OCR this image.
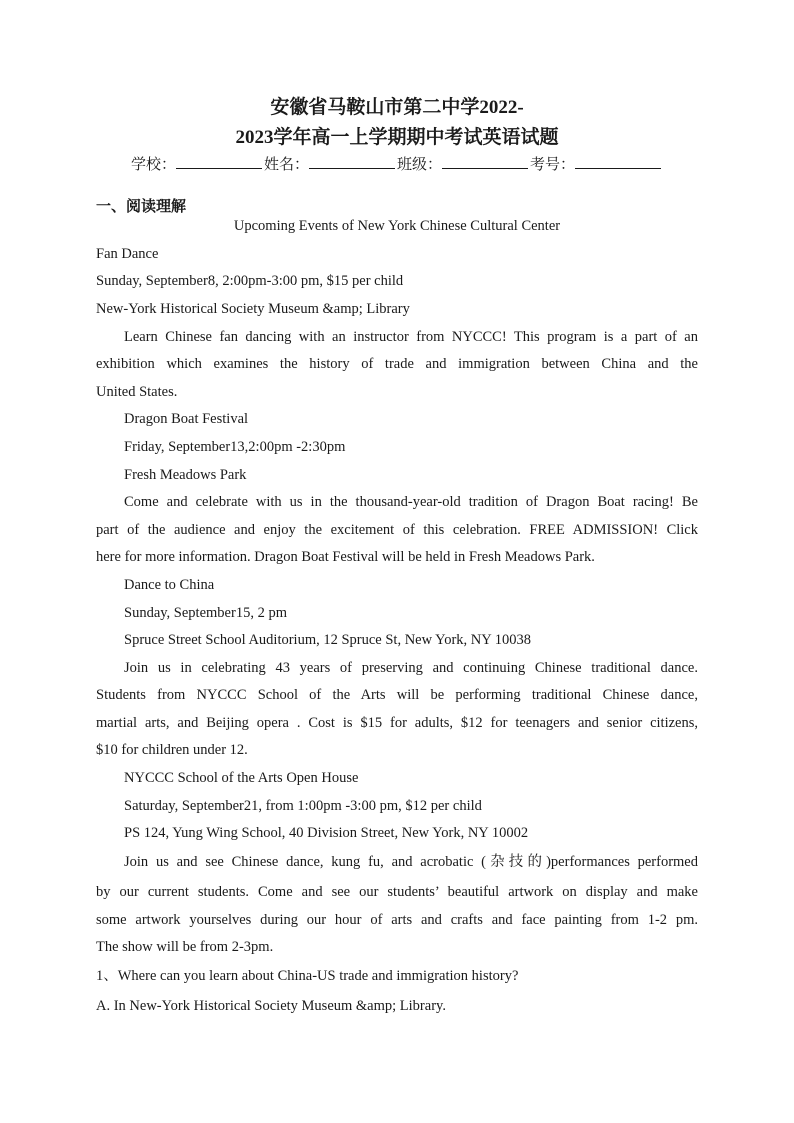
安徽省马鞍山市第二中学2022-
2023学年高一上学期期中考试英语试题
学校：	姓名：	班级：	考号：
一、阅读理解
Upcoming Events of New York Chinese Cultural Center
Fan Dance
Sunday, September8, 2:00pm-3:00 pm, $15 per child
New-York Historical Society Museum &amp; Library
Learn Chinese fan dancing with an instructor from NYCCC! This program is a part of an
exhibition which examines the history of trade and immigration between China and the
United States.
Dragon Boat Festival
Friday, September13,2:00pm -2:30pm
Fresh Meadows Park
Come and celebrate with us in the thousand-year-old tradition of Dragon Boat racing! Be
part of the audience and enjoy the excitement of this celebration. FREE ADMISSION! Click
here for more information. Dragon Boat Festival will be held in Fresh Meadows Park.
Dance to China
Sunday, September15, 2 pm
Spruce Street School Auditorium, 12 Spruce St, New York, NY 10038
Join us in celebrating 43 years of preserving and continuing Chinese traditional dance.
Students from NYCCC School of the Arts will be performing traditional Chinese dance,
martial arts, and Beijing opera . Cost is $15 for adults, $12 for teenagers and senior citizens,
$10 for children under 12.
NYCCC School of the Arts Open House
Saturday, September21, from 1:00pm -3:00 pm, $12 per child
PS 124, Yung Wing School, 40 Division Street, New York, NY 10002
Join us and see Chinese dance, kung fu, and acrobatic (杂技的)performances performed
by our current students. Come and see our students’ beautiful artwork on display and make
some artwork yourselves during our hour of arts and crafts and face painting from 1-2 pm.
The show will be from 2-3pm.
1、Where can you learn about China-US trade and immigration history?
A. In New-York Historical Society Museum &amp; Library.
